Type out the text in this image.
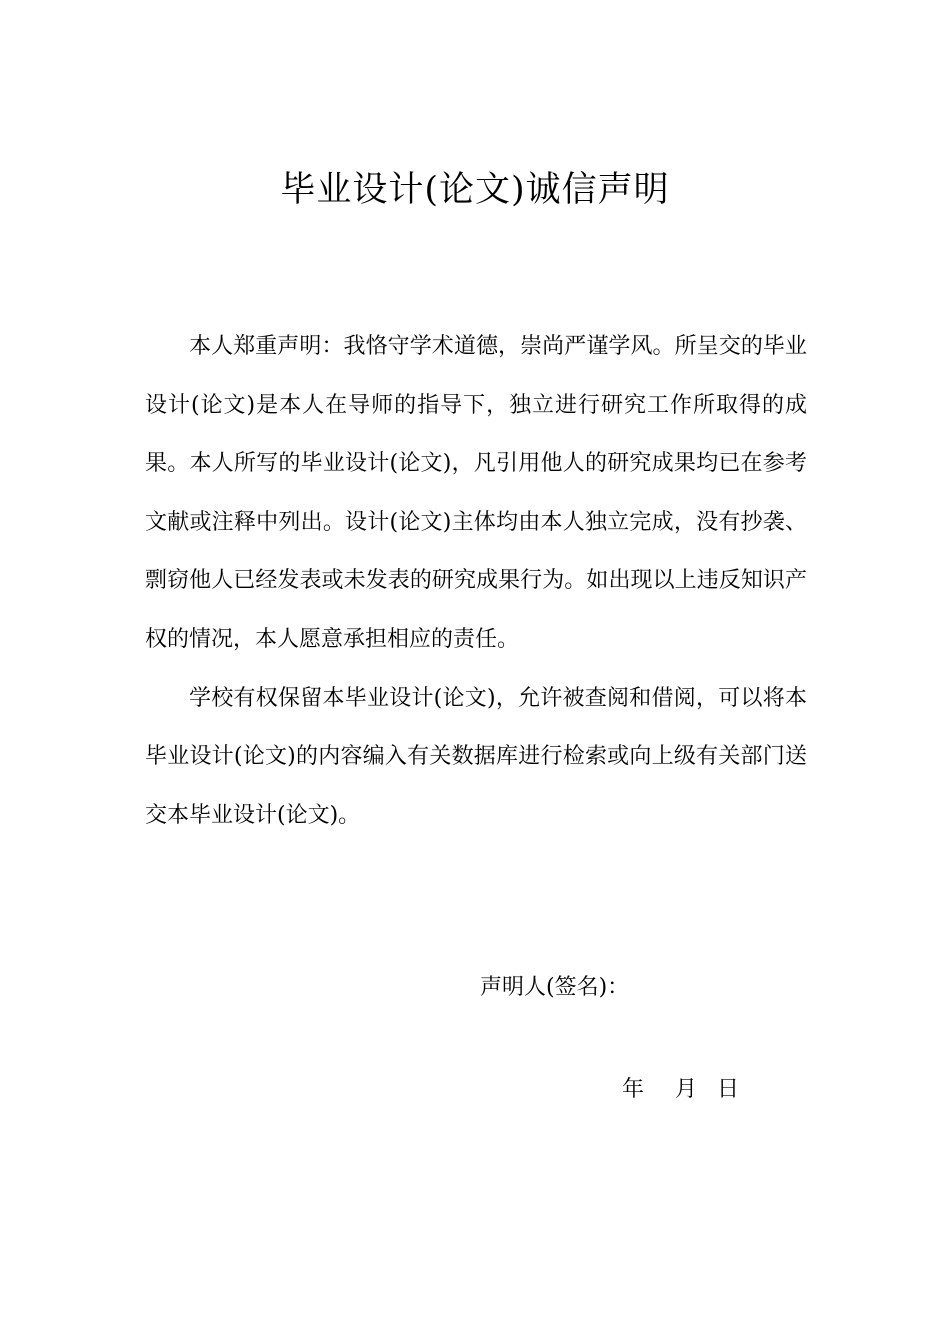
毕业设计(论文)诚信声明

本人郑重声明：我恪守学术道德，崇尚严谨学风。所呈交的毕业设计(论文)是本人在导师的指导下，独立进行研究工作所取得的成果。本人所写的毕业设计(论文)，凡引用他人的研究成果均已在参考文献或注释中列出。设计(论文)主体均由本人独立完成，没有抄袭、剽窃他人已经发表或未发表的研究成果行为。如出现以上违反知识产权的情况，本人愿意承担相应的责任。

学校有权保留本毕业设计(论文)，允许被查阅和借阅，可以将本毕业设计(论文)的内容编入有关数据库进行检索或向上级有关部门送交本毕业设计(论文)。

声明人(签名)：
年 月 日
